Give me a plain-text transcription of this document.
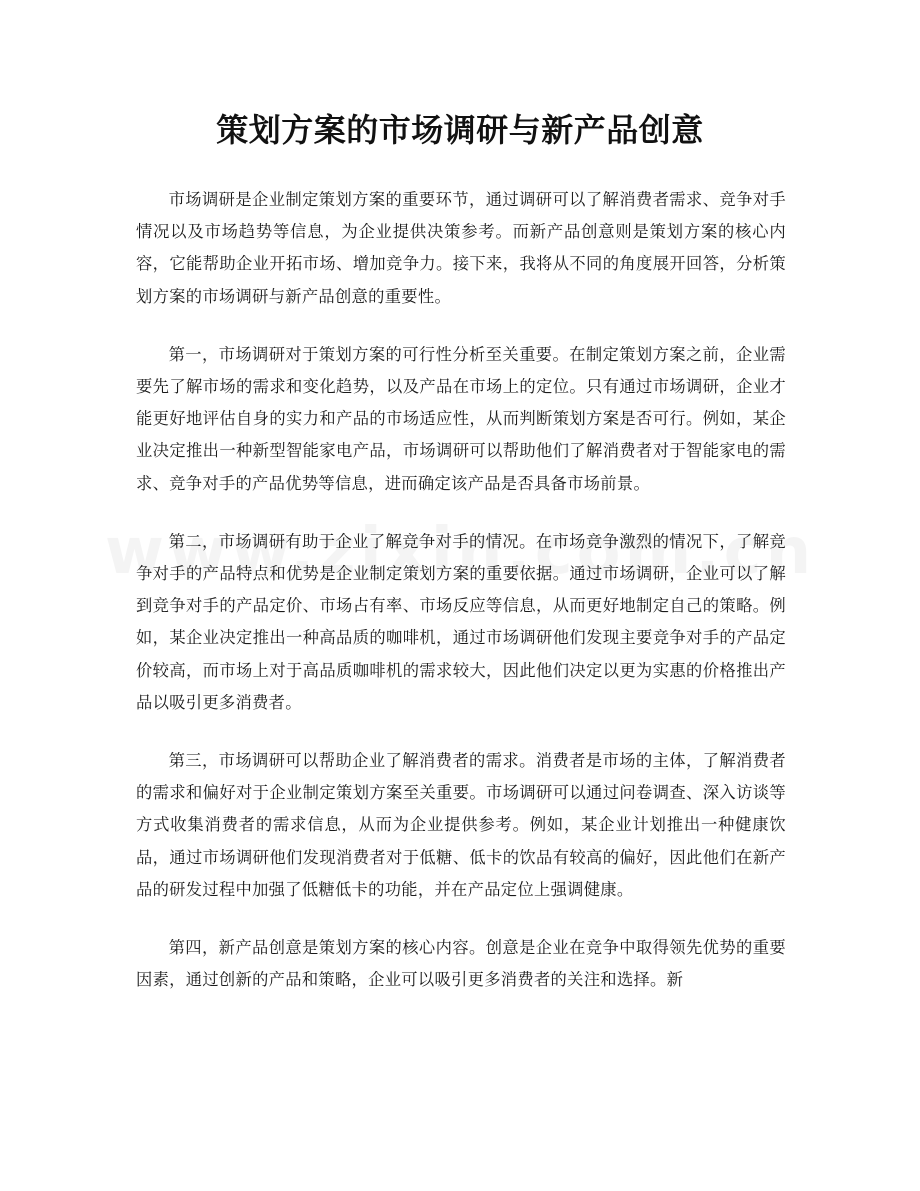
策划方案的市场调研与新产品创意

市场调研是企业制定策划方案的重要环节，通过调研可以了解消费者需求、竞争对手情况以及市场趋势等信息，为企业提供决策参考。而新产品创意则是策划方案的核心内容，它能帮助企业开拓市场、增加竞争力。接下来，我将从不同的角度展开回答，分析策划方案的市场调研与新产品创意的重要性。

第一，市场调研对于策划方案的可行性分析至关重要。在制定策划方案之前，企业需要先了解市场的需求和变化趋势，以及产品在市场上的定位。只有通过市场调研，企业才能更好地评估自身的实力和产品的市场适应性，从而判断策划方案是否可行。例如，某企业决定推出一种新型智能家电产品，市场调研可以帮助他们了解消费者对于智能家电的需求、竞争对手的产品优势等信息，进而确定该产品是否具备市场前景。

第二，市场调研有助于企业了解竞争对手的情况。在市场竞争激烈的情况下，了解竞争对手的产品特点和优势是企业制定策划方案的重要依据。通过市场调研，企业可以了解到竞争对手的产品定价、市场占有率、市场反应等信息，从而更好地制定自己的策略。例如，某企业决定推出一种高品质的咖啡机，通过市场调研他们发现主要竞争对手的产品定价较高，而市场上对于高品质咖啡机的需求较大，因此他们决定以更为实惠的价格推出产品以吸引更多消费者。

第三，市场调研可以帮助企业了解消费者的需求。消费者是市场的主体，了解消费者的需求和偏好对于企业制定策划方案至关重要。市场调研可以通过问卷调查、深入访谈等方式收集消费者的需求信息，从而为企业提供参考。例如，某企业计划推出一种健康饮品，通过市场调研他们发现消费者对于低糖、低卡的饮品有较高的偏好，因此他们在新产品的研发过程中加强了低糖低卡的功能，并在产品定位上强调健康。

第四，新产品创意是策划方案的核心内容。创意是企业在竞争中取得领先优势的重要因素，通过创新的产品和策略，企业可以吸引更多消费者的关注和选择。新
